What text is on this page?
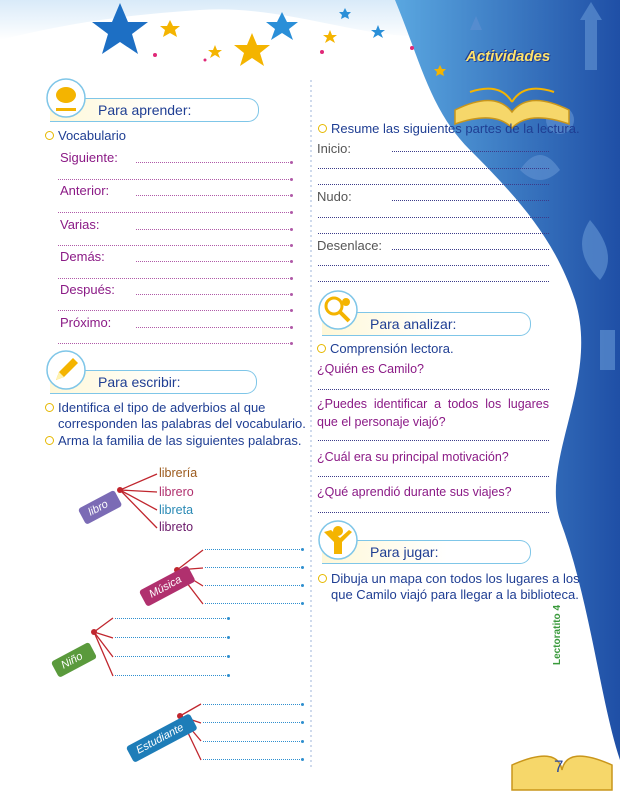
Actividades
Para aprender:
Vocabulario
Siguiente:
Anterior:
Varias:
Demás:
Después:
Próximo:
Para escribir:
Identifica el tipo de adverbios al que corresponden las palabras del vocabulario.
Arma la familia de las siguientes palabras.
libro
Música
Niño
Estudiante
librería
librero
libreta
libreto
Resume las siguientes partes de la lectura.
Inicio:
Nudo:
Desenlace:
Para analizar:
Comprensión lectora.
¿Quién es Camilo?
¿Puedes identificar a todos los lugares que el personaje viajó?
¿Cuál era su principal motivación?
¿Qué aprendió durante sus viajes?
Para jugar:
Dibuja un mapa con todos los lugares a los que Camilo viajó para llegar a la biblioteca.
Lectoratito 4
7
